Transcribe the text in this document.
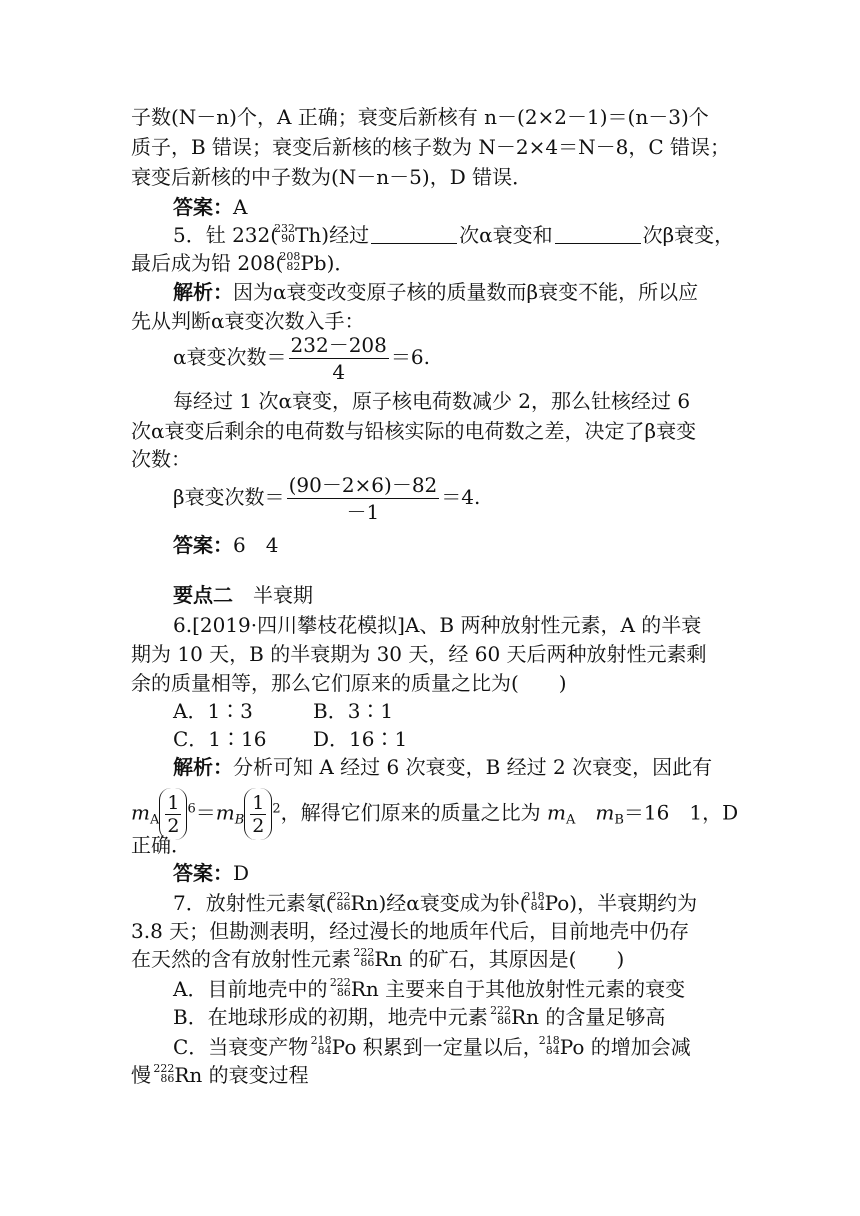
子数(N－n)个，A 正确；衰变后新核有 n－(2×2－1)＝(n－3)个
质子，B 错误；衰变后新核的核子数为 N－2×4＝N－8，C 错误；
衰变后新核的中子数为(N－n－5)，D 错误．
答案：A
5．钍 232(
232
90 Th)经过	次α衰变和	次β衰变，
最后成为铅 208(
208
82 Pb)．
解析：因为α衰变改变原子核的质量数而β衰变不能，所以应
先从判断α衰变次数入手：
α衰变次数＝ $\frac{232-208}{4} =6$.
每经过 1 次α衰变，原子核电荷数减少 2，那么钍核经过 6
次α衰变后剩余的电荷数与铅核实际的电荷数之差，决定了β衰变
次数：
β衰变次数＝ $\frac{(90-2\times 6)-82}{-1} =4$.
答案：6　4
要点二　 半衰期
6.[2019·四川攀枝花模拟]A、B 两种放射性元素，A 的半衰
期为 10 天，B 的半衰期为 30 天，经 60 天后两种放射性元素剩
余的质量相等，那么它们原来的质量之比为(　　)
A．1∶3	B．3∶1
C．1∶16 D．16∶1
解析：分析可知 A 经过 6 次衰变，B 经过 2 次衰变，因此有
$m_A \frac{1}{2} ^6=m_B \frac{1}{2} ^2$，解得它们原来的质量之比为 $m_A$　 $m_B=16$　1，D
正确．
答案：D
7．放射性元素氡(
222
86 Rn)经α衰变成为钋(
218
84 Po)，半衰期约为
3.8 天；但勘测表明，经过漫长的地质年代后，目前地壳中仍存
在天然的含有放射性元素 222
86 Rn 的矿石，其原因是(　　)
A．目前地壳中的 222
86 Rn 主要来自于其他放射性元素的衰变
B．在地球形成的初期，地壳中元素 222
86 Rn 的含量足够高
C．当衰变产物 218
84 Po 积累到一定量以后，
218
84 Po 的增加会减
慢 222
86 Rn 的衰变过程
